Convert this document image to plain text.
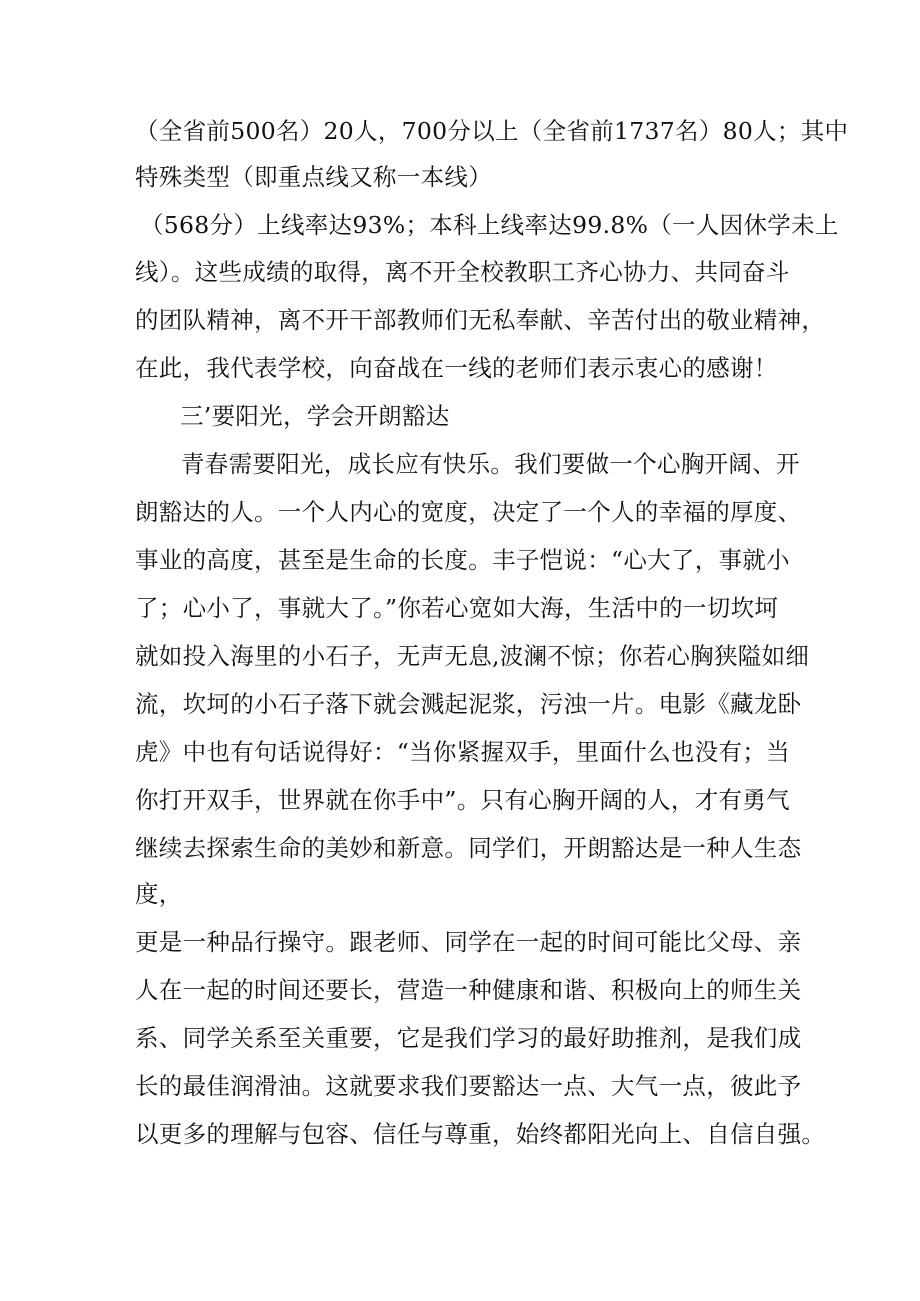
（全省前500名）20人，700分以上（全省前1737名）80人；其中
特殊类型（即重点线又称一本线）
（568分）上线率达93%；本科上线率达99.8%（一人因休学未上
线）。这些成绩的取得，离不开全校教职工齐心协力、共同奋斗
的团队精神，离不开干部教师们无私奉献、辛苦付出的敬业精神，
在此，我代表学校，向奋战在一线的老师们表示衷心的感谢！
三’要阳光，学会开朗豁达
青春需要阳光，成长应有快乐。我们要做一个心胸开阔、开
朗豁达的人。一个人内心的宽度，决定了一个人的幸福的厚度、
事业的高度，甚至是生命的长度。丰子恺说：“心大了，事就小
了；心小了，事就大了。”你若心宽如大海，生活中的一切坎坷
就如投入海里的小石子，无声无息,波澜不惊；你若心胸狭隘如细
流，坎坷的小石子落下就会溅起泥浆，污浊一片。电影《藏龙卧
虎》中也有句话说得好：“当你紧握双手，里面什么也没有；当
你打开双手，世界就在你手中”。只有心胸开阔的人，才有勇气
继续去探索生命的美妙和新意。同学们，开朗豁达是一种人生态
度，
更是一种品行操守。跟老师、同学在一起的时间可能比父母、亲
人在一起的时间还要长，营造一种健康和谐、积极向上的师生关
系、同学关系至关重要，它是我们学习的最好助推剂，是我们成
长的最佳润滑油。这就要求我们要豁达一点、大气一点，彼此予
以更多的理解与包容、信任与尊重，始终都阳光向上、自信自强。
